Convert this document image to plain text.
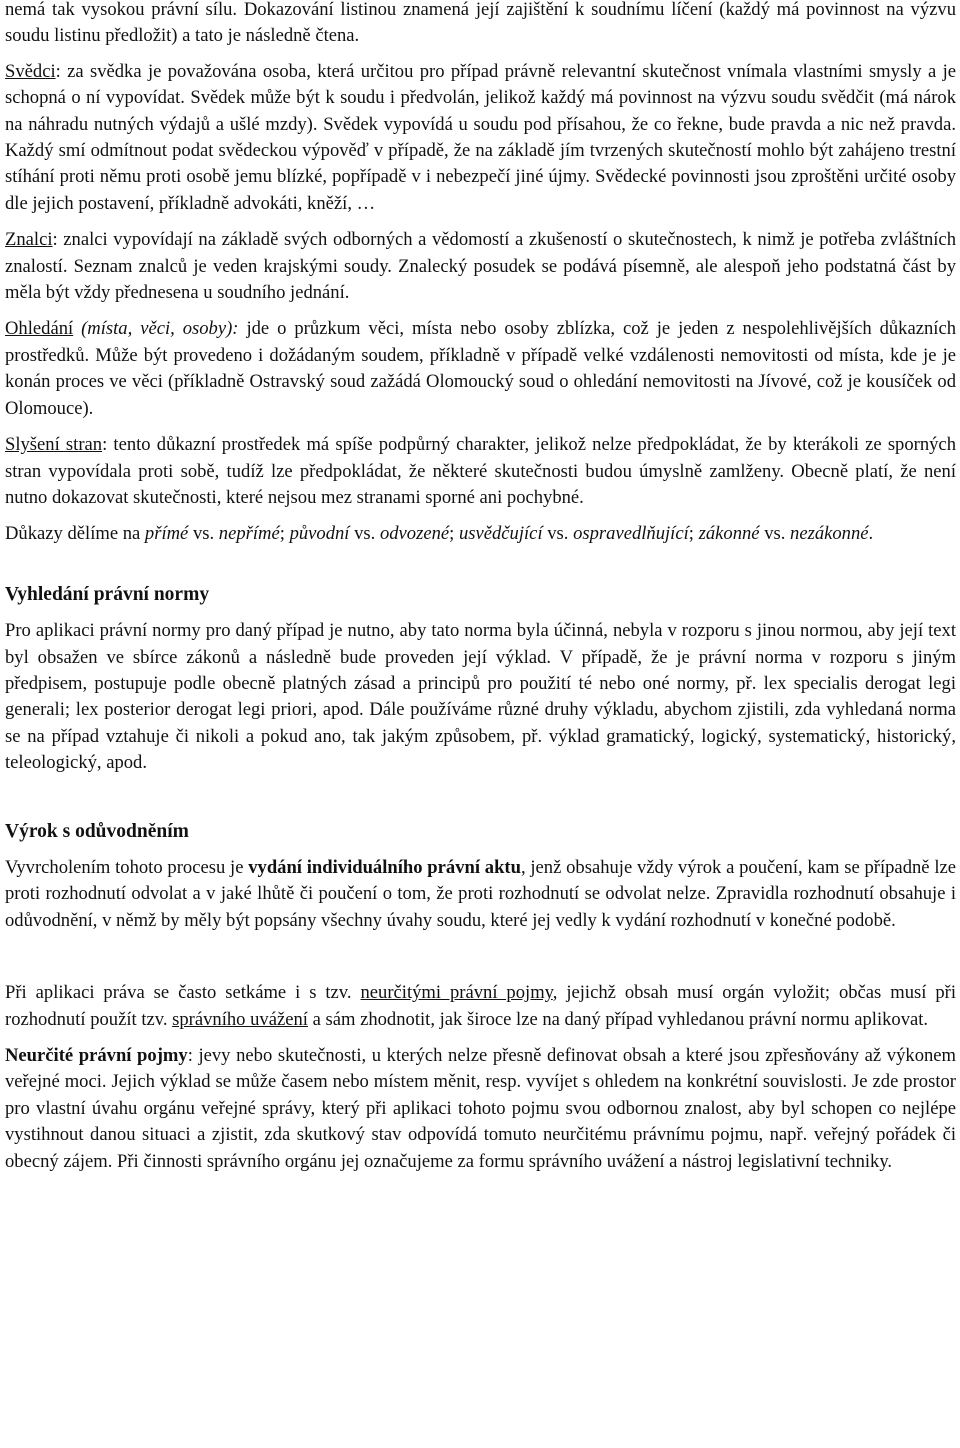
nemá tak vysokou právní sílu. Dokazování listinou znamená její zajištění k soudnímu líčení (každý má povinnost na výzvu soudu listinu předložit) a tato je následně čtena.

Svědci: za svědka je považována osoba, která určitou pro případ právně relevantní skutečnost vnímala vlastními smysly a je schopná o ní vypovídat. Svědek může být k soudu i předvolán, jelikož každý má povinnost na výzvu soudu svědčit (má nárok na náhradu nutných výdajů a ušlé mzdy). Svědek vypovídá u soudu pod přísahou, že co řekne, bude pravda a nic než pravda. Každý smí odmítnout podat svědeckou výpověď v případě, že na základě jím tvrzených skutečností mohlo být zahájeno trestní stíhání proti němu proti osobě jemu blízké, popřípadě v i nebezpečí jiné újmy. Svědecké povinnosti jsou zproštěni určité osoby dle jejich postavení, příkladně advokáti, kněží, …

Znalci: znalci vypovídají na základě svých odborných a vědomostí a zkušeností o skutečnostech, k nimž je potřeba zvláštních znalostí. Seznam znalců je veden krajskými soudy. Znalecký posudek se podává písemně, ale alespoň jeho podstatná část by měla být vždy přednesena u soudního jednání.

Ohledání (místa, věci, osoby): jde o průzkum věci, místa nebo osoby zblízka, což je jeden z nespolehlivějších důkazních prostředků. Může být provedeno i dožádaným soudem, příkladně v případě velké vzdálenosti nemovitosti od místa, kde je je konán proces ve věci (příkladně Ostravský soud zažádá Olomoucký soud o ohledání nemovitosti na Jívové, což je kousíček od Olomouce).

Slyšení stran: tento důkazní prostředek má spíše podpůrný charakter, jelikož nelze předpokládat, že by kterákoli ze sporných stran vypovídala proti sobě, tudíž lze předpokládat, že některé skutečnosti budou úmyslně zamlženy. Obecně platí, že není nutno dokazovat skutečnosti, které nejsou mez stranami sporné ani pochybné.

Důkazy dělíme na přímé vs. nepřímé; původní vs. odvozené; usvědčující vs. ospravedlňující; zákonné vs. nezákonné.

Vyhledání právní normy

Pro aplikaci právní normy pro daný případ je nutno, aby tato norma byla účinná, nebyla v rozporu s jinou normou, aby její text byl obsažen ve sbírce zákonů a následně bude proveden její výklad. V případě, že je právní norma v rozporu s jiným předpisem, postupuje podle obecně platných zásad a principů pro použití té nebo oné normy, př. lex specialis derogat legi generali; lex posterior derogat legi priori, apod. Dále používáme různé druhy výkladu, abychom zjistili, zda vyhledaná norma se na případ vztahuje či nikoli a pokud ano, tak jakým způsobem, př. výklad gramatický, logický, systematický, historický, teleologický, apod.

Výrok s odůvodněním

Vyvrcholením tohoto procesu je vydání individuálního právní aktu, jenž obsahuje vždy výrok a poučení, kam se případně lze proti rozhodnutí odvolat a v jaké lhůtě či poučení o tom, že proti rozhodnutí se odvolat nelze. Zpravidla rozhodnutí obsahuje i odůvodnění, v němž by měly být popsány všechny úvahy soudu, které jej vedly k vydání rozhodnutí v konečné podobě.

Při aplikaci práva se často setkáme i s tzv. neurčitými právní pojmy, jejichž obsah musí orgán vyložit; občas musí při rozhodnutí použít tzv. správního uvážení a sám zhodnotit, jak široce lze na daný případ vyhledanou právní normu aplikovat.

Neurčité právní pojmy: jevy nebo skutečnosti, u kterých nelze přesně definovat obsah a které jsou zpřesňovány až výkonem veřejné moci. Jejich výklad se může časem nebo místem měnit, resp. vyvíjet s ohledem na konkrétní souvislosti. Je zde prostor pro vlastní úvahu orgánu veřejné správy, který při aplikaci tohoto pojmu svou odbornou znalost, aby byl schopen co nejlépe vystihnout danou situaci a zjistit, zda skutkový stav odpovídá tomuto neurčitému právnímu pojmu, např. veřejný pořádek či obecný zájem. Při činnosti správního orgánu jej označujeme za formu správního uvážení a nástroj legislativní techniky.
